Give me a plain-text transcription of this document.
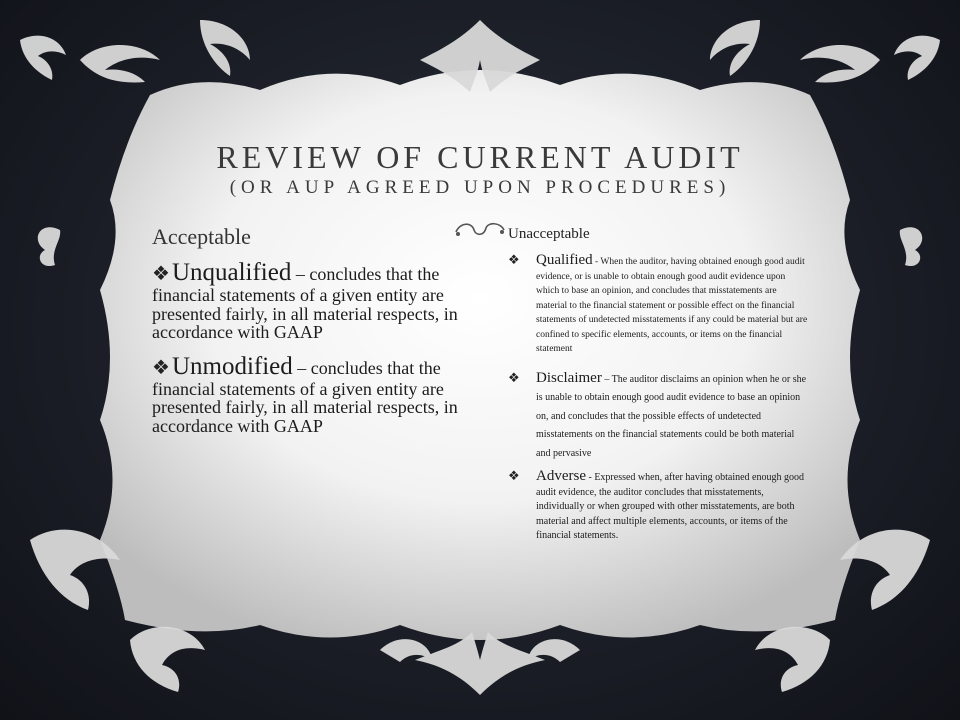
REVIEW OF CURRENT AUDIT
(OR AUP AGREED UPON PROCEDURES)
Acceptable
❖Unqualified – concludes that the financial statements of a given entity are presented fairly, in all material respects, in accordance with GAAP
❖Unmodified – concludes that the financial statements of a given entity are presented fairly, in all material respects, in accordance with GAAP
Unacceptable
❖ Qualified - When the auditor, having obtained enough good audit evidence, or is unable to obtain enough good audit evidence upon which to base an opinion, and concludes that misstatements are material to the financial statement or possible effect on the financial statements of undetected misstatements if any could be material but are confined to specific elements, accounts, or items on the financial statement
❖ Disclaimer – The auditor disclaims an opinion when he or she is unable to obtain enough good audit evidence to base an opinion on, and concludes that the possible effects of undetected misstatements on the financial statements could be both material and pervasive
❖ Adverse - Expressed when, after having obtained enough good audit evidence, the auditor concludes that misstatements, individually or when grouped with other misstatements, are both material and affect multiple elements, accounts, or items of the financial statements.
